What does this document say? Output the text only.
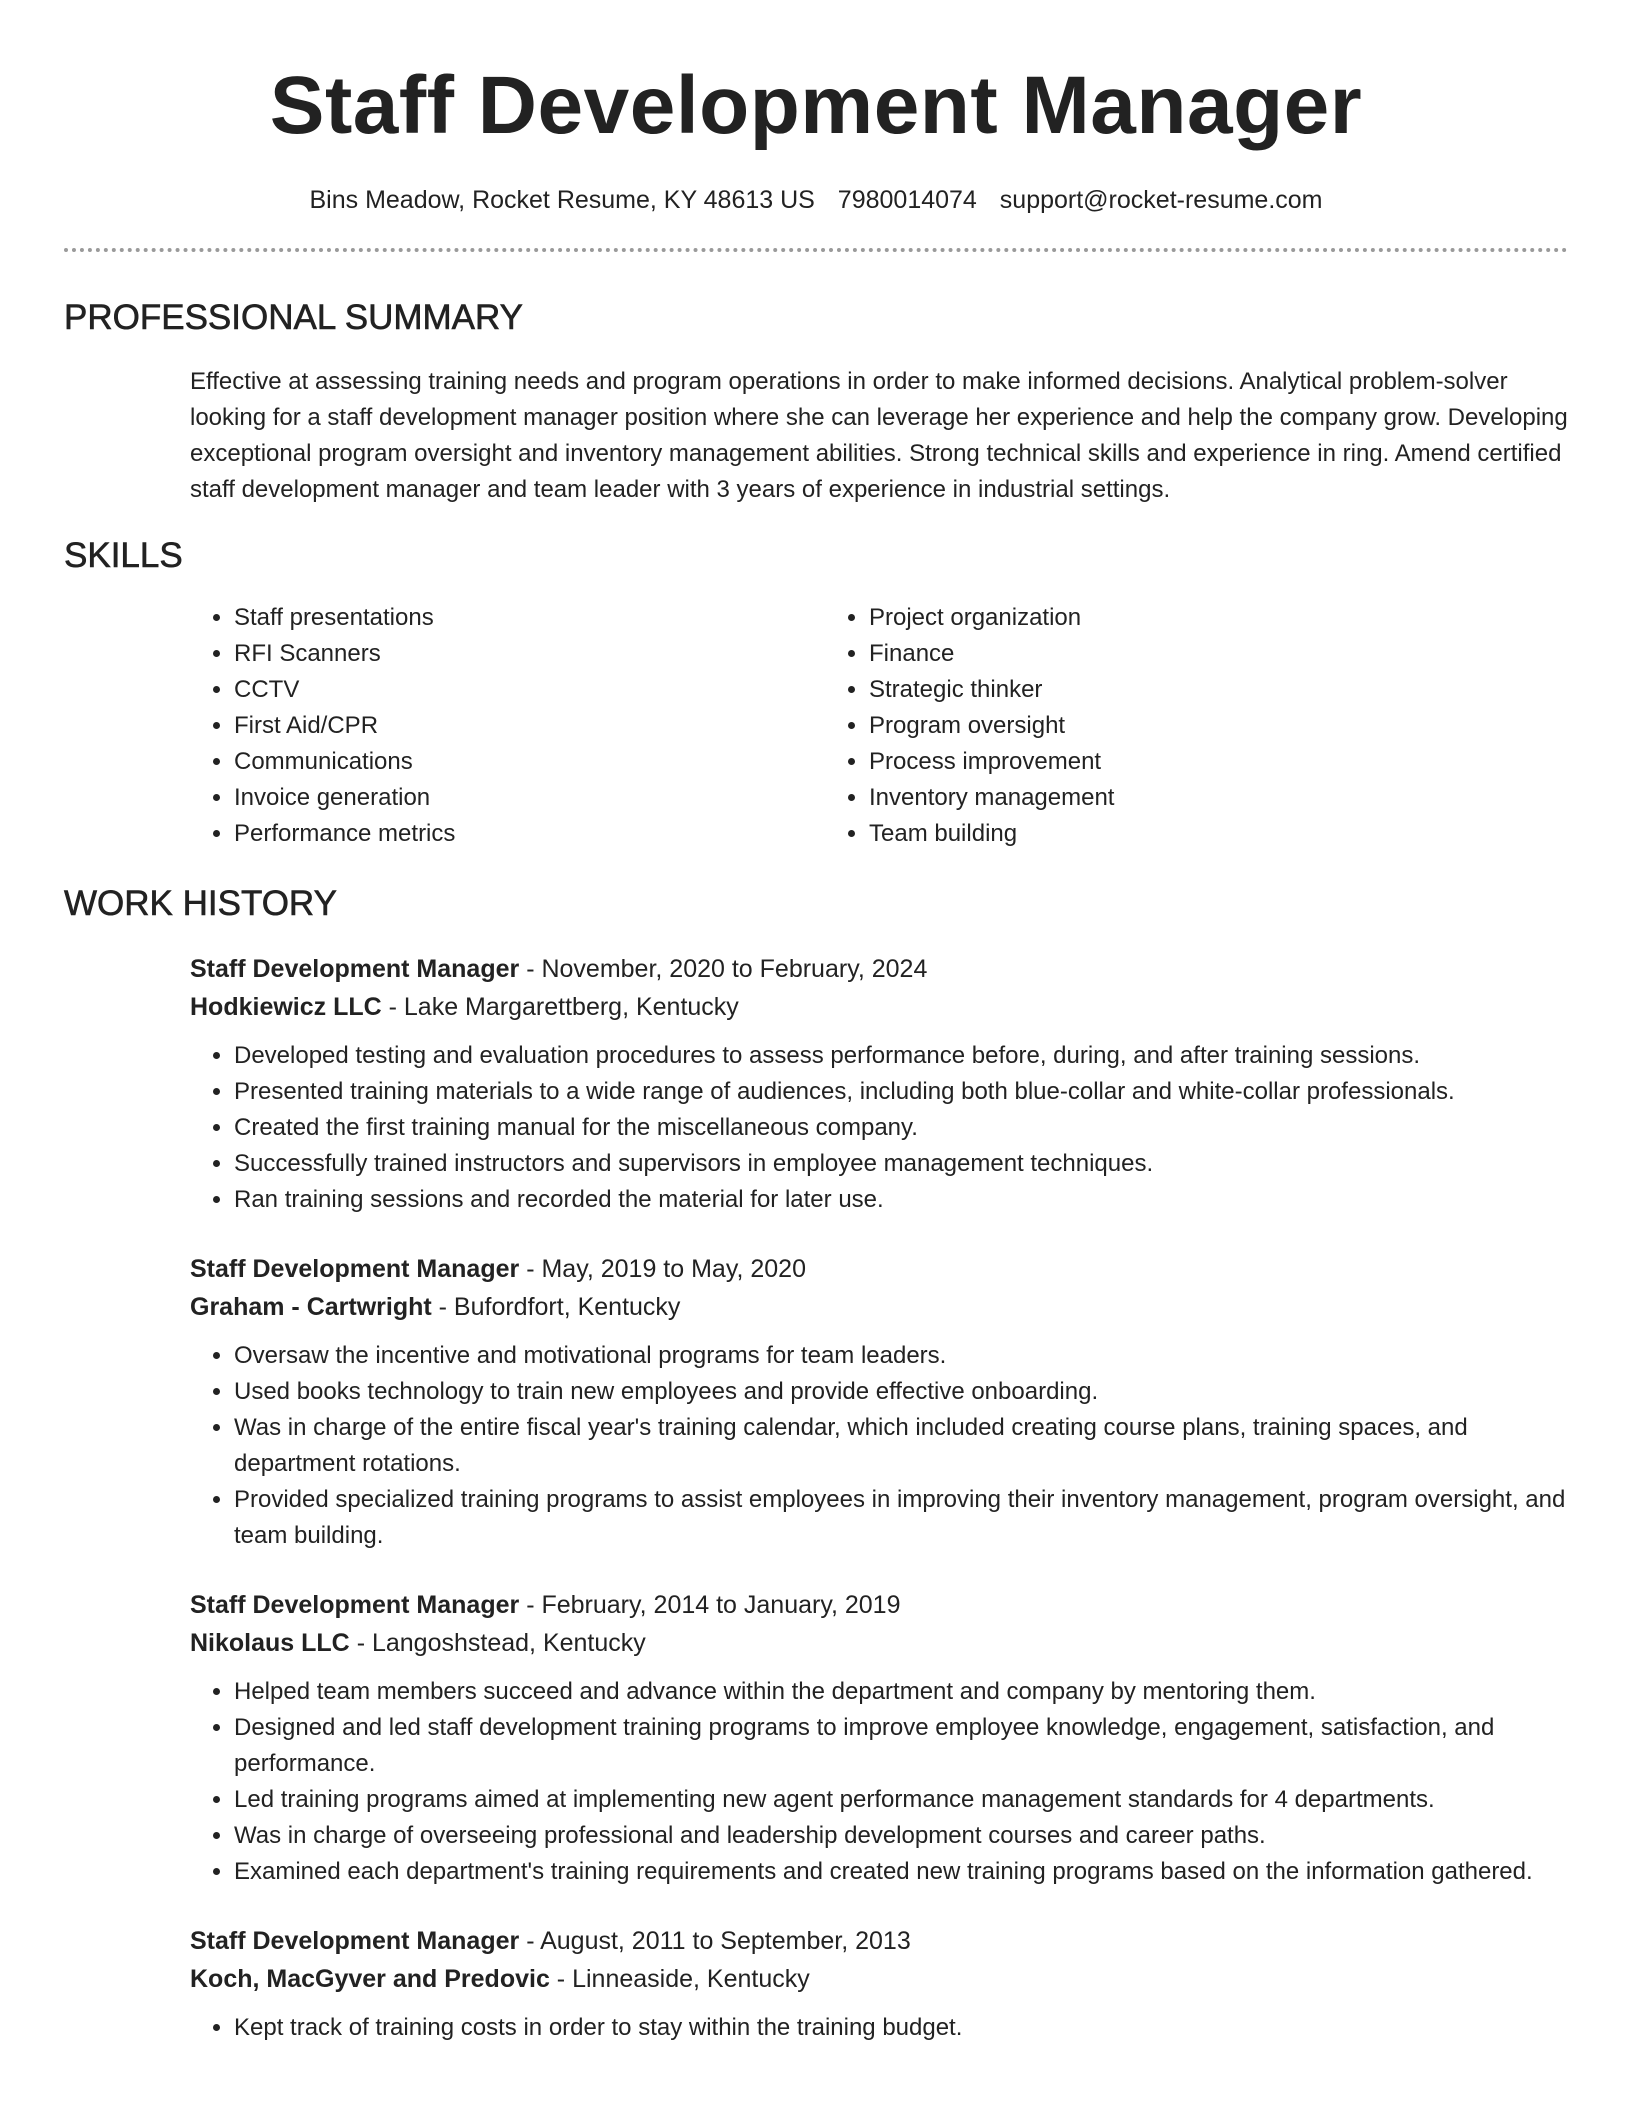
Staff Development Manager
Bins Meadow, Rocket Resume, KY 48613 US 7980014074 support@rocket-resume.com
PROFESSIONAL SUMMARY

Effective at assessing training needs and program operations in order to make informed decisions. Analytical problem-solver looking for a staff development manager position where she can leverage her experience and help the company grow. Developing exceptional program oversight and inventory management abilities. Strong technical skills and experience in ring. Amend certified staff development manager and team leader with 3 years of experience in industrial settings.

SKILLS
• Staff presentations
• RFI Scanners
• CCTV
• First Aid/CPR
• Communications
• Invoice generation
• Performance metrics
• Project organization
• Finance
• Strategic thinker
• Program oversight
• Process improvement
• Inventory management
• Team building
WORK HISTORY
Staff Development Manager - November, 2020 to February, 2024
Hodkiewicz LLC - Lake Margarettberg, Kentucky
• Developed testing and evaluation procedures to assess performance before, during, and after training sessions.
• Presented training materials to a wide range of audiences, including both blue-collar and white-collar professionals.
• Created the first training manual for the miscellaneous company.
• Successfully trained instructors and supervisors in employee management techniques.
• Ran training sessions and recorded the material for later use.
Staff Development Manager - May, 2019 to May, 2020
Graham - Cartwright - Bufordfort, Kentucky
• Oversaw the incentive and motivational programs for team leaders.
• Used books technology to train new employees and provide effective onboarding.
• Was in charge of the entire fiscal year's training calendar, which included creating course plans, training spaces, and department rotations.
• Provided specialized training programs to assist employees in improving their inventory management, program oversight, and team building.
Staff Development Manager - February, 2014 to January, 2019
Nikolaus LLC - Langoshstead, Kentucky
• Helped team members succeed and advance within the department and company by mentoring them.
• Designed and led staff development training programs to improve employee knowledge, engagement, satisfaction, and performance.
• Led training programs aimed at implementing new agent performance management standards for 4 departments.
• Was in charge of overseeing professional and leadership development courses and career paths.
• Examined each department's training requirements and created new training programs based on the information gathered.
Staff Development Manager - August, 2011 to September, 2013
Koch, MacGyver and Predovic - Linneaside, Kentucky
• Kept track of training costs in order to stay within the training budget.
